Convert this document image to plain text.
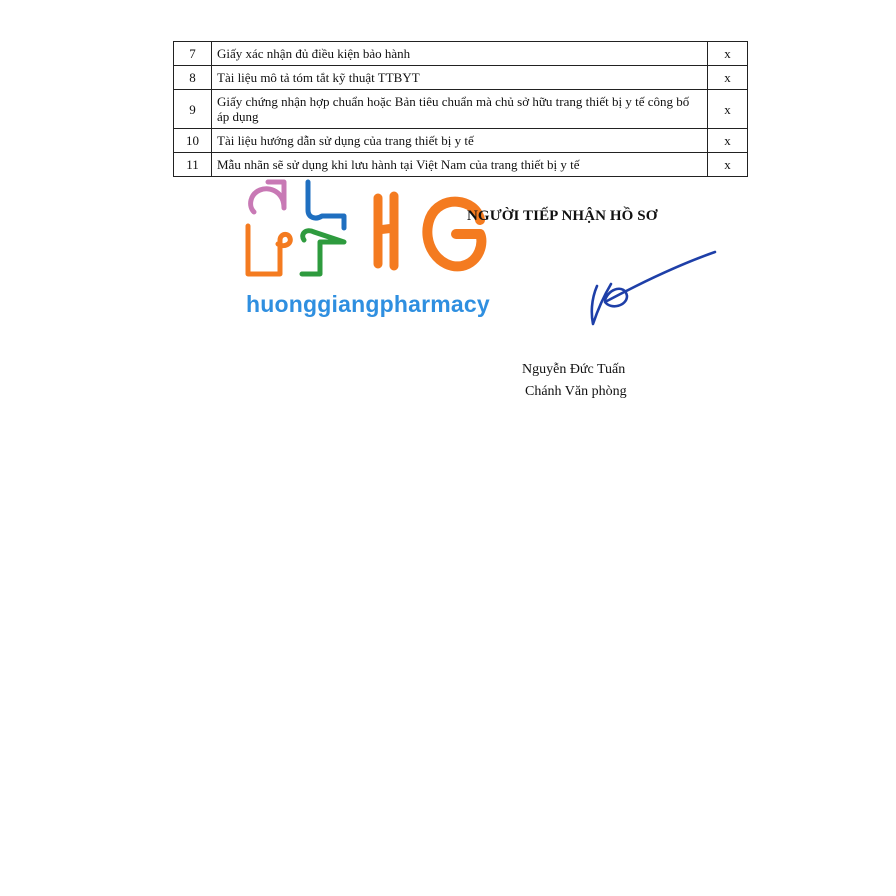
7	Giấy xác nhận đủ điều kiện bảo hành	x
8	Tài liệu mô tả tóm tắt kỹ thuật TTBYT	x
9	Giấy chứng nhận hợp chuẩn hoặc Bản tiêu chuẩn mà chủ sở hữu trang thiết bị y tế công bố áp dụng	x
10	Tài liệu hướng dẫn sử dụng của trang thiết bị y tế	x
11	Mẫu nhãn sẽ sử dụng khi lưu hành tại Việt Nam của trang thiết bị y tế	x
huonggiangpharmacy
NGƯỜI TIẾP NHẬN HỒ SƠ
Nguyễn Đức Tuấn
Chánh Văn phòng
